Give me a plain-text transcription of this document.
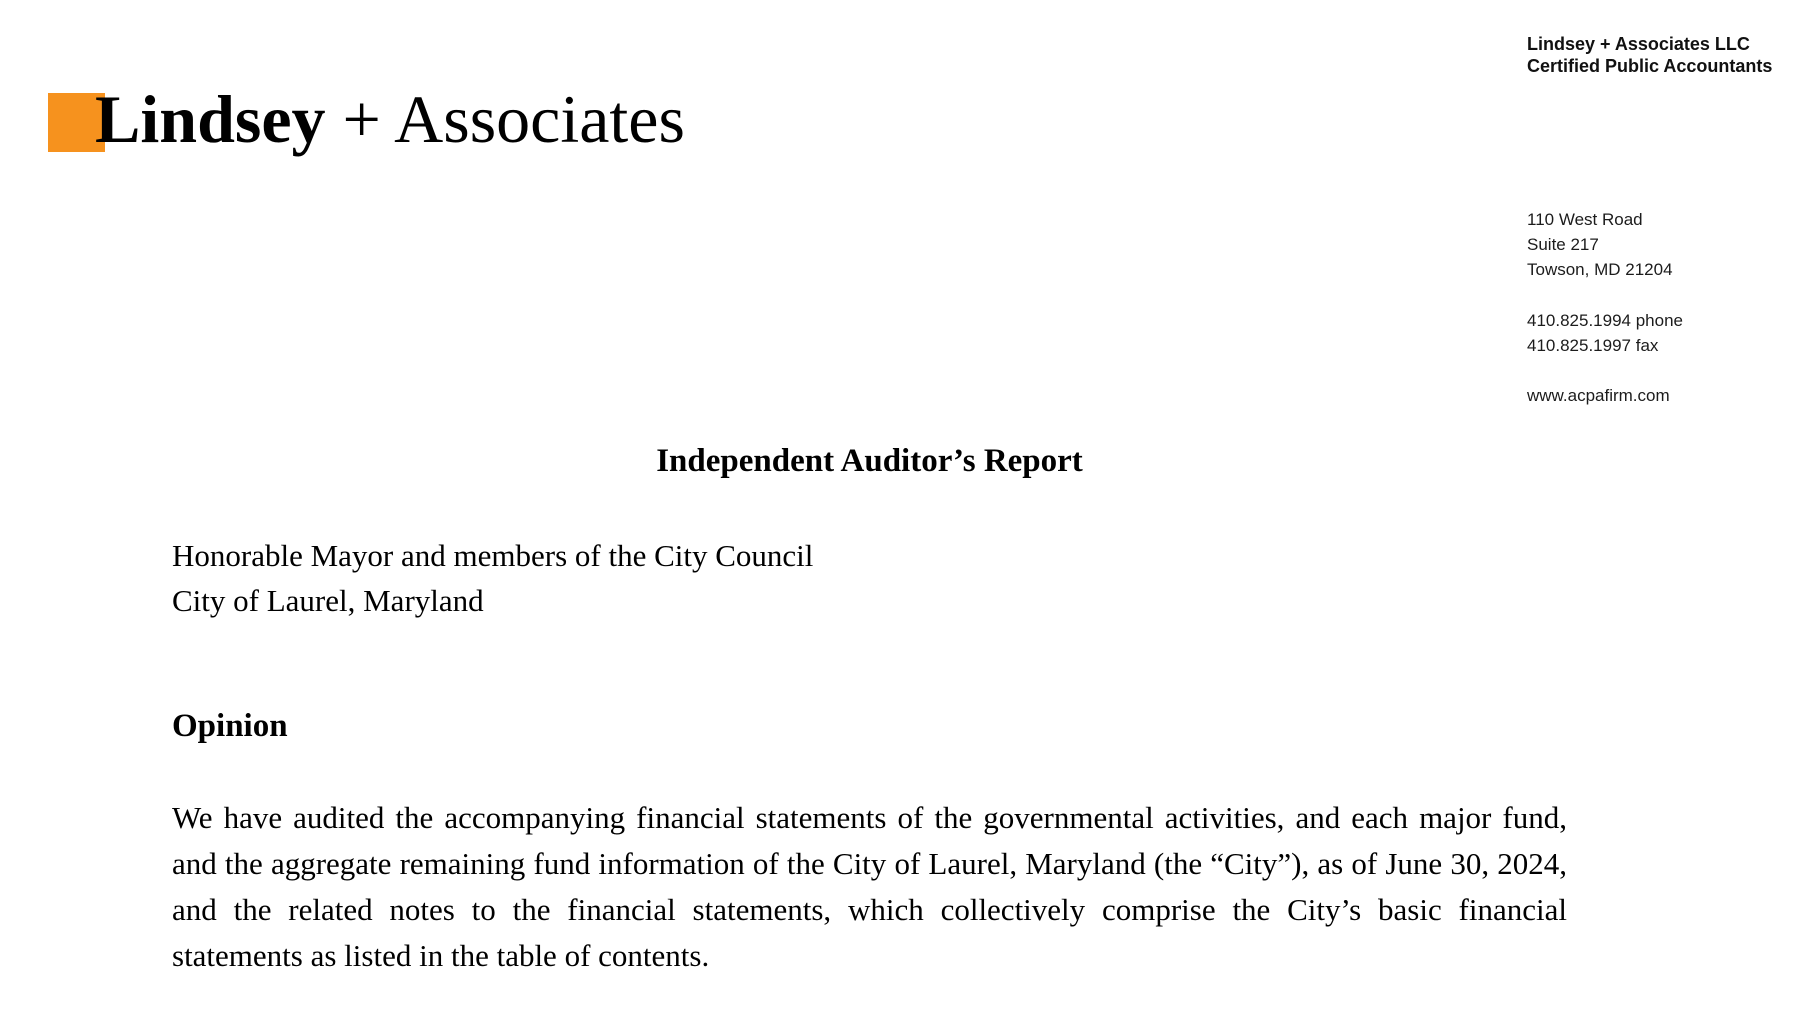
Lindsey + Associates
Lindsey + Associates LLC
Certified Public Accountants
110 West Road
Suite 217
Towson, MD 21204
410.825.1994 phone
410.825.1997 fax
www.acpafirm.com
Independent Auditor’s Report

Honorable Mayor and members of the City Council
City of Laurel, Maryland

Opinion

We have audited the accompanying financial statements of the governmental activities, and each major fund, and the aggregate remaining fund information of the City of Laurel, Maryland (the “City”), as of June 30, 2024, and the related notes to the financial statements, which collectively comprise the City’s basic financial statements as listed in the table of contents.
